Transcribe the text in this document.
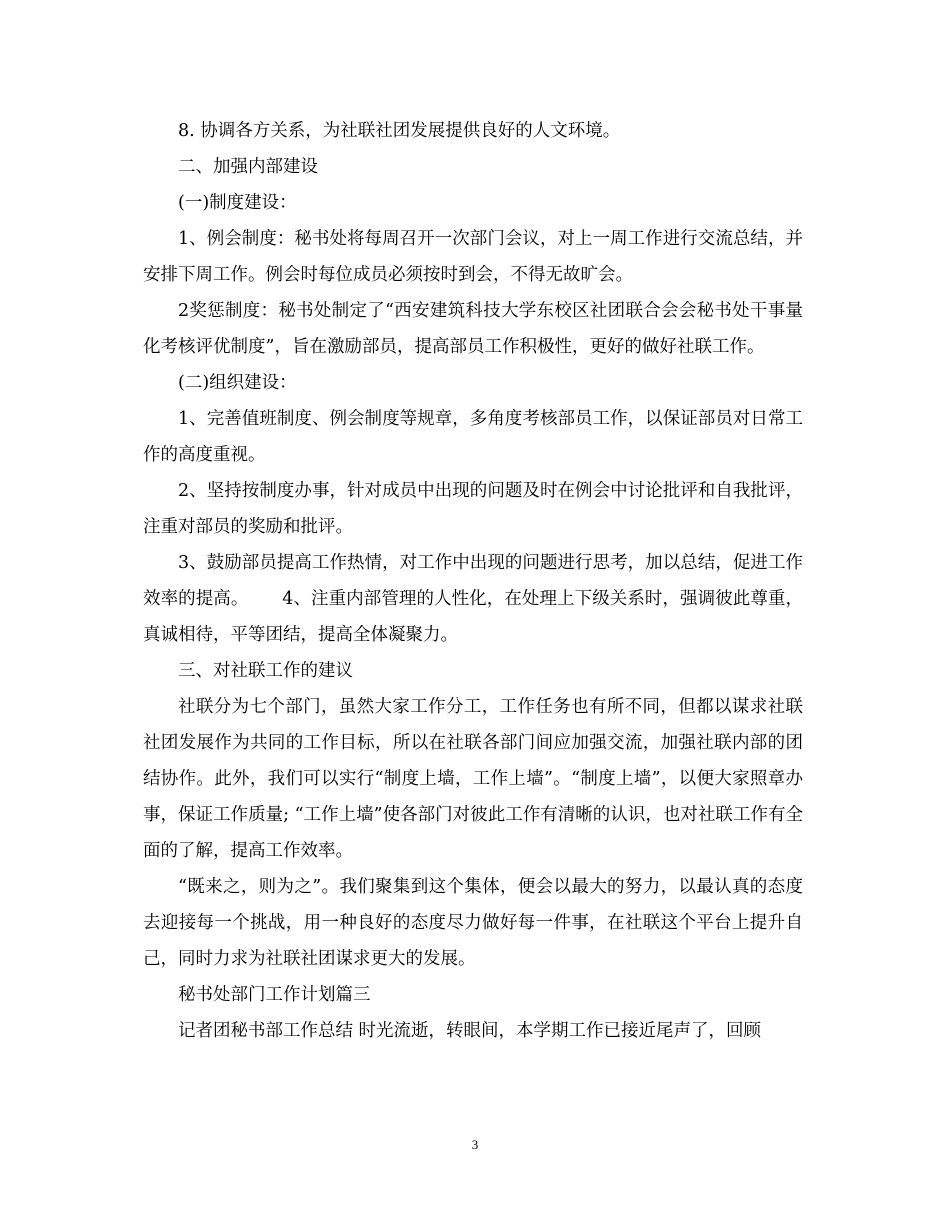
8. 协调各方关系，为社联社团发展提供良好的人文环境。

二、加强内部建设

(一)制度建设：

1、例会制度：秘书处将每周召开一次部门会议，对上一周工作进行交流总结，并安排下周工作。例会时每位成员必须按时到会，不得无故旷会。

2奖惩制度：秘书处制定了“西安建筑科技大学东校区社团联合会会秘书处干事量化考核评优制度”，旨在激励部员，提高部员工作积极性，更好的做好社联工作。

(二)组织建设：

1、完善值班制度、例会制度等规章，多角度考核部员工作，以保证部员对日常工作的高度重视。

2、坚持按制度办事，针对成员中出现的问题及时在例会中讨论批评和自我批评，注重对部员的奖励和批评。

3、鼓励部员提高工作热情，对工作中出现的问题进行思考，加以总结，促进工作效率的提高。      4、注重内部管理的人性化，在处理上下级关系时，强调彼此尊重，真诚相待，平等团结，提高全体凝聚力。

三、对社联工作的建议

社联分为七个部门，虽然大家工作分工，工作任务也有所不同，但都以谋求社联社团发展作为共同的工作目标，所以在社联各部门间应加强交流，加强社联内部的团结协作。此外，我们可以实行“制度上墙，工作上墙”。“制度上墙”，以便大家照章办事，保证工作质量; “工作上墙”使各部门对彼此工作有清晰的认识，也对社联工作有全面的了解，提高工作效率。

“既来之，则为之”。我们聚集到这个集体，便会以最大的努力，以最认真的态度去迎接每一个挑战，用一种良好的态度尽力做好每一件事，在社联这个平台上提升自己，同时力求为社联社团谋求更大的发展。

秘书处部门工作计划篇三

记者团秘书部工作总结 时光流逝，转眼间，本学期工作已接近尾声了，回顾

3
